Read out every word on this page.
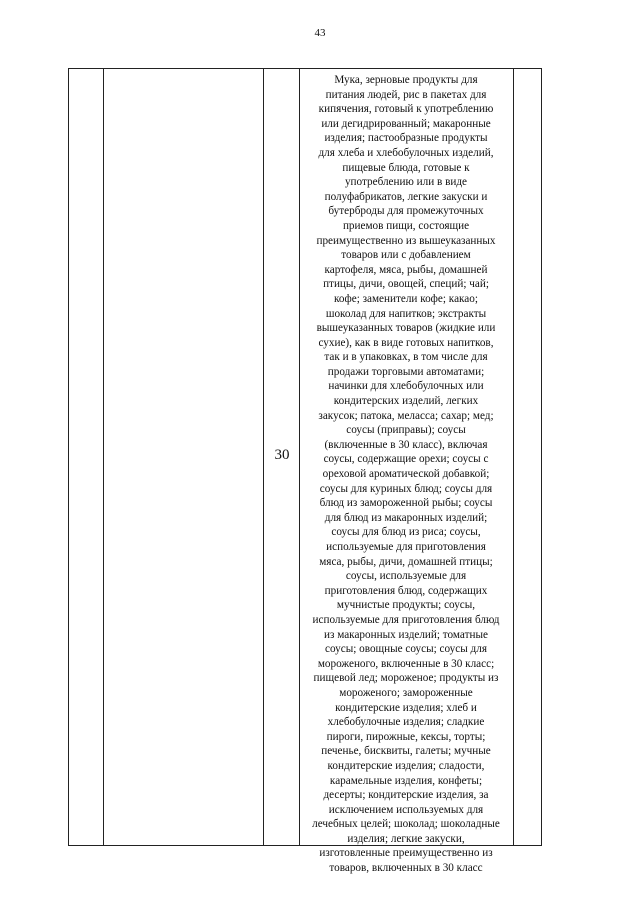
43
30
Мука, зерновые продукты для
питания людей, рис в пакетах для
кипячения, готовый к употреблению
или дегидрированный; макаронные
изделия; пастообразные продукты
для хлеба и хлебобулочных изделий,
пищевые блюда, готовые к
употреблению или в виде
полуфабрикатов, легкие закуски и
бутерброды для промежуточных
приемов пищи, состоящие
преимущественно из вышеуказанных
товаров или с добавлением
картофеля, мяса, рыбы, домашней
птицы, дичи, овощей, специй; чай;
кофе; заменители кофе; какао;
шоколад для напитков; экстракты
вышеуказанных товаров (жидкие или
сухие), как в виде готовых напитков,
так и в упаковках, в том числе для
продажи торговыми автоматами;
начинки для хлебобулочных или
кондитерских изделий, легких
закусок; патока, меласса; сахар; мед;
соусы (приправы); соусы
(включенные в 30 класс), включая
соусы, содержащие орехи; соусы с
ореховой ароматической добавкой;
соусы для куриных блюд; соусы для
блюд из замороженной рыбы; соусы
для блюд из макаронных изделий;
соусы для блюд из риса; соусы,
используемые для приготовления
мяса, рыбы, дичи, домашней птицы;
соусы, используемые для
приготовления блюд, содержащих
мучнистые продукты; соусы,
используемые для приготовления блюд
из макаронных изделий; томатные
соусы; овощные соусы; соусы для
мороженого, включенные в 30 класс;
пищевой лед; мороженое; продукты из
мороженого; замороженные
кондитерские изделия; хлеб и
хлебобулочные изделия; сладкие
пироги, пирожные, кексы, торты;
печенье, бисквиты, галеты; мучные
кондитерские изделия; сладости,
карамельные изделия, конфеты;
десерты; кондитерские изделия, за
исключением используемых для
лечебных целей; шоколад; шоколадные
изделия; легкие закуски,
изготовленные преимущественно из
товаров, включенных в 30 класс
